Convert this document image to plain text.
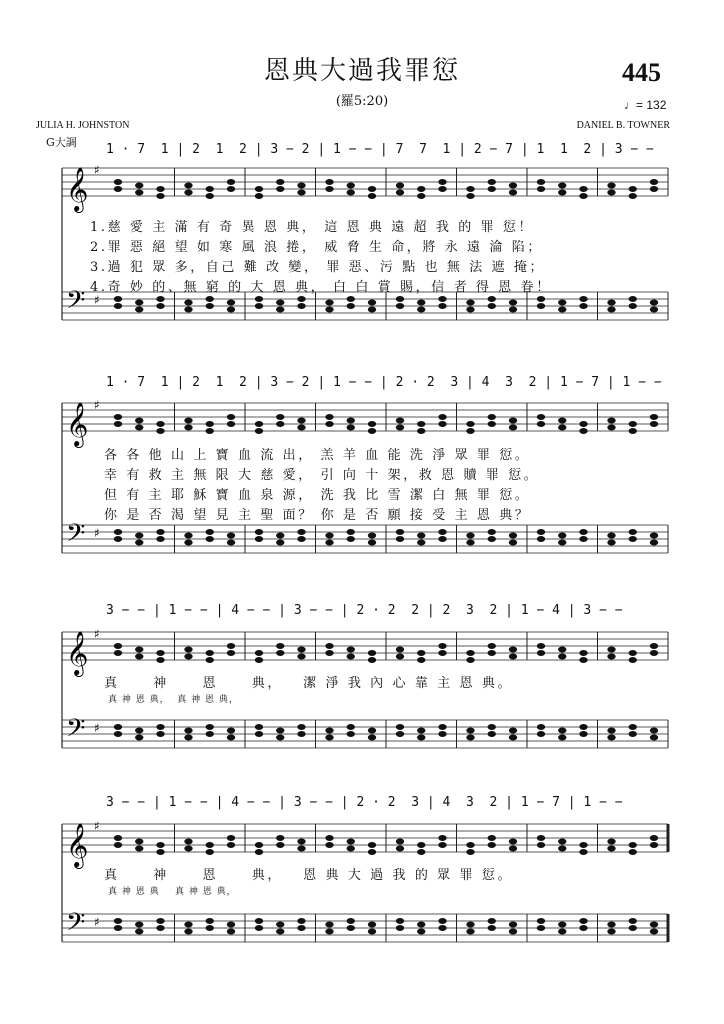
恩典大過我罪愆
(羅5:20)
445
♩= 132
JULIA H. JOHNSTON	DANIEL B. TOWNER
G大調 1 · 7  1 | 2  1  2 | 3 − 2 | 1 − − | 7  7  1 | 2 − 7 | 1  1  2 | 3 − −
𝄞 ♯
𝄢 ♯
1.慈 愛 主 滿 有 奇 異 恩 典， 這 恩 典 遠 超 我 的 罪 愆！
2.罪 惡 絕 望 如 寒 風 浪 捲， 威 脅 生 命，將 永 遠 淪 陷；
3.過 犯 眾 多，自己 難 改 變， 罪 惡、污 點 也 無 法 遮 掩；
4.奇 妙 的、無 窮 的 大 恩 典， 白 白 賞 賜，信 者 得 恩 眷！
1 · 7  1 | 2  1  2 | 3 − 2 | 1 − − | 2 · 2  3 | 4  3  2 | 1 − 7 | 1 − −
𝄞 ♯
𝄢 ♯
各 各 他 山 上 寶 血 流 出， 羔 羊 血 能 洗 淨 眾 罪 愆。
幸 有 救 主 無 限 大 慈 愛， 引 向 十 架，救 恩 贖 罪 愆。
但 有 主 耶 穌 寶 血 泉 源， 洗 我 比 雪 潔 白 無 罪 愆。
你 是 否 渴 望 見 主 聖 面？ 你 是 否 願 接 受 主 恩 典？
3 − − | 1 − − | 4 − − | 3 − − | 2 · 2  2 | 2  3  2 | 1 − 4 | 3 − −
𝄞 ♯
𝄢 ♯
真     神     恩     典，   潔 淨 我 內 心 靠 主 恩 典。
真 神 恩 典，  真 神 恩 典，
3 − − | 1 − − | 4 − − | 3 − − | 2 · 2  3 | 4  3  2 | 1 − 7 | 1 − −
𝄞 ♯
𝄢 ♯
真     神     恩     典，   恩 典 大 過 我 的 眾 罪 愆。
真 神 恩 典    真 神 恩 典，
